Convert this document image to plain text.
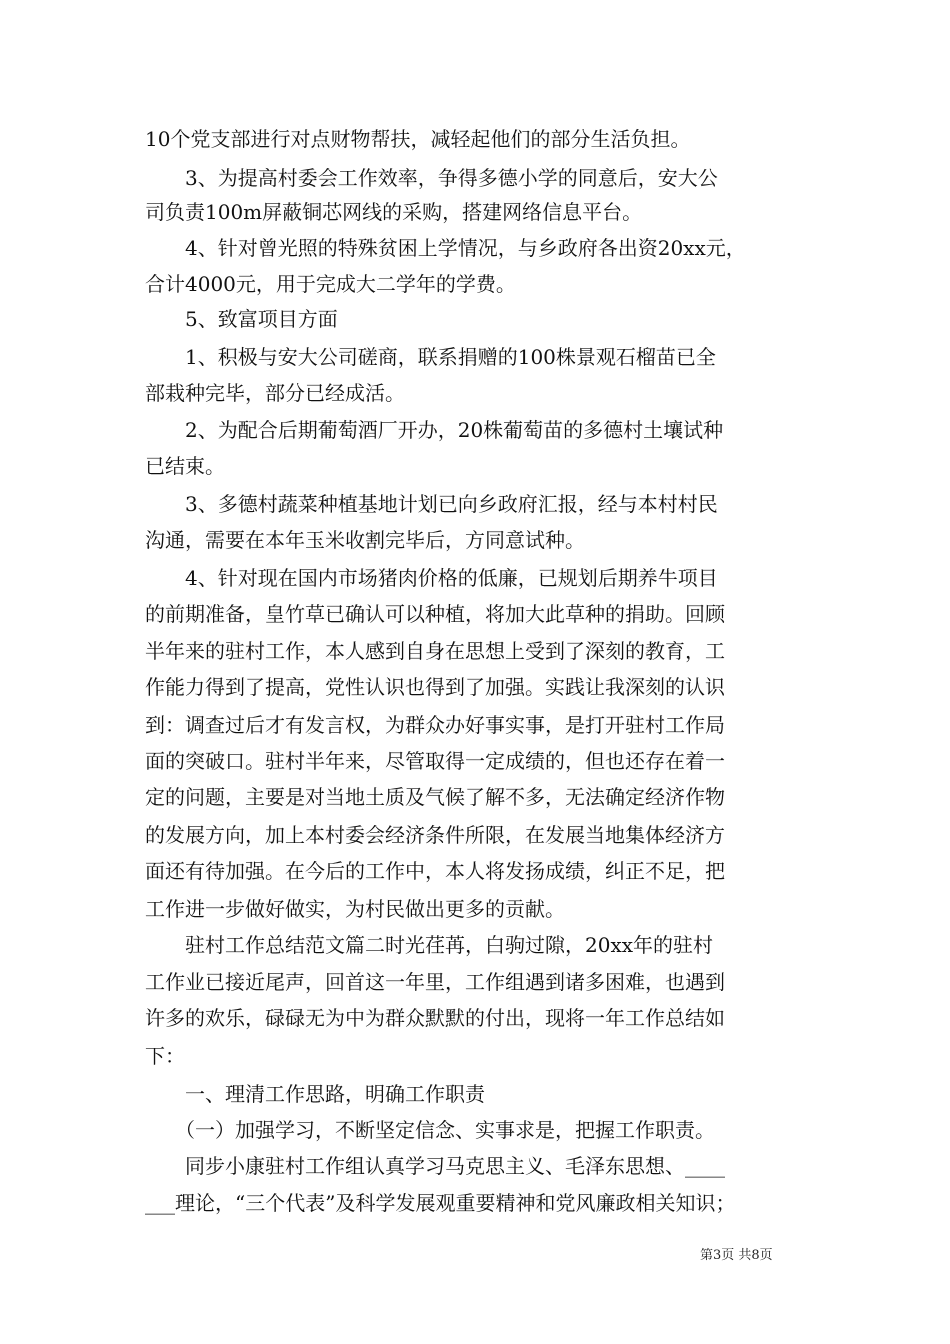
10个党支部进行对点财物帮扶，减轻起他们的部分生活负担。
　　3、为提高村委会工作效率，争得多德小学的同意后，安大公
司负责100m屏蔽铜芯网线的采购，搭建网络信息平台。
　　4、针对曾光照的特殊贫困上学情况，与乡政府各出资20xx元，
合计4000元，用于完成大二学年的学费。
　　5、致富项目方面
　　1、积极与安大公司磋商，联系捐赠的100株景观石榴苗已全
部栽种完毕，部分已经成活。
　　2、为配合后期葡萄酒厂开办，20株葡萄苗的多德村土壤试种
已结束。
　　3、多德村蔬菜种植基地计划已向乡政府汇报，经与本村村民
沟通，需要在本年玉米收割完毕后，方同意试种。
　　4、针对现在国内市场猪肉价格的低廉，已规划后期养牛项目
的前期准备，皇竹草已确认可以种植，将加大此草种的捐助。回顾
半年来的驻村工作，本人感到自身在思想上受到了深刻的教育，工
作能力得到了提高，党性认识也得到了加强。实践让我深刻的认识
到：调查过后才有发言权，为群众办好事实事，是打开驻村工作局
面的突破口。驻村半年来，尽管取得一定成绩的，但也还存在着一
定的问题，主要是对当地土质及气候了解不多，无法确定经济作物
的发展方向，加上本村委会经济条件所限，在发展当地集体经济方
面还有待加强。在今后的工作中，本人将发扬成绩，纠正不足，把
工作进一步做好做实，为村民做出更多的贡献。
　　驻村工作总结范文篇二时光荏苒，白驹过隙，20xx年的驻村
工作业已接近尾声，回首这一年里，工作组遇到诸多困难，也遇到
许多的欢乐，碌碌无为中为群众默默的付出，现将一年工作总结如
下：
　　一、理清工作思路，明确工作职责
　　（一）加强学习，不断坚定信念、实事求是，把握工作职责。
　　同步小康驻村工作组认真学习马克思主义、毛泽东思想、____
___理论，“三个代表”及科学发展观重要精神和党风廉政相关知识；
第3页 共8页
